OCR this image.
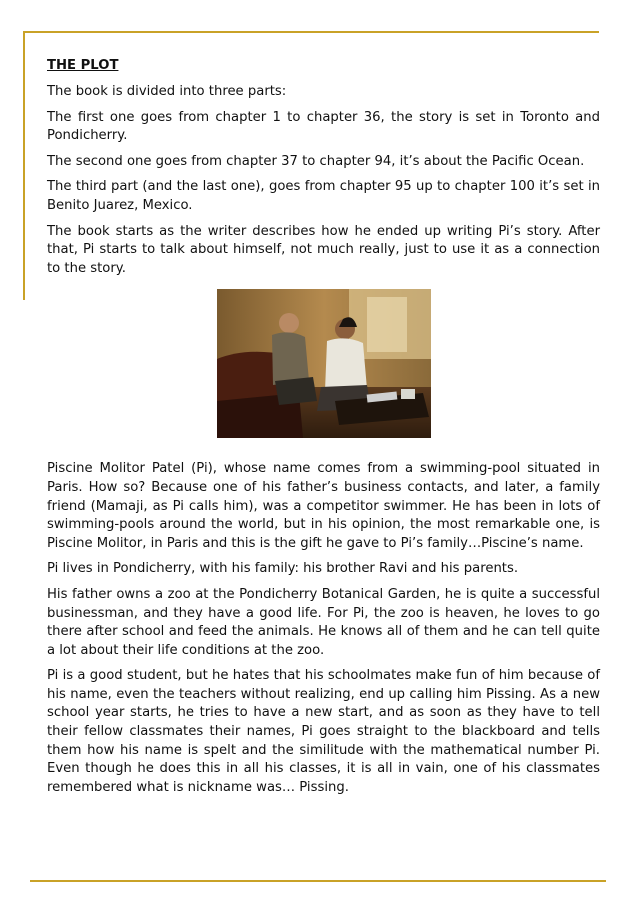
THE PLOT

The book is divided into three parts:

The first one goes from chapter 1 to chapter 36, the story is set in Toronto and Pondicherry.

The second one goes from chapter 37 to chapter 94, it’s about the Pacific Ocean.

The third part (and the last one), goes from chapter 95 up to chapter 100 it’s set in Benito Juarez, Mexico.

The book starts as the writer describes how he ended up writing Pi’s story. After that, Pi starts to talk about himself, not much really, just to use it as a connection to the story.

Piscine Molitor Patel (Pi), whose name comes from a swimming-pool situated in Paris. How so? Because one of his father’s business contacts, and later, a family friend (Mamaji, as Pi calls him), was a competitor swimmer. He has been in lots of swimming-pools around the world, but in his opinion, the most remarkable one, is Piscine Molitor, in Paris and this is the gift he gave to Pi’s family…Piscine’s name.

Pi lives in Pondicherry, with his family: his brother Ravi and his parents.

His father owns a zoo at the Pondicherry Botanical Garden, he is quite a successful businessman, and they have a good life. For Pi, the zoo is heaven, he loves to go there after school and feed the animals. He knows all of them and he can tell quite a lot about their life conditions at the zoo.

Pi is a good student, but he hates that his schoolmates make fun of him because of his name, even the teachers without realizing, end up calling him Pissing. As a new school year starts, he tries to have a new start, and as soon as they have to tell their fellow classmates their names, Pi goes straight to the blackboard and tells them how his name is spelt and the similitude with the mathematical number Pi. Even though he does this in all his classes, it is all in vain, one of his classmates remembered what is nickname was… Pissing.
